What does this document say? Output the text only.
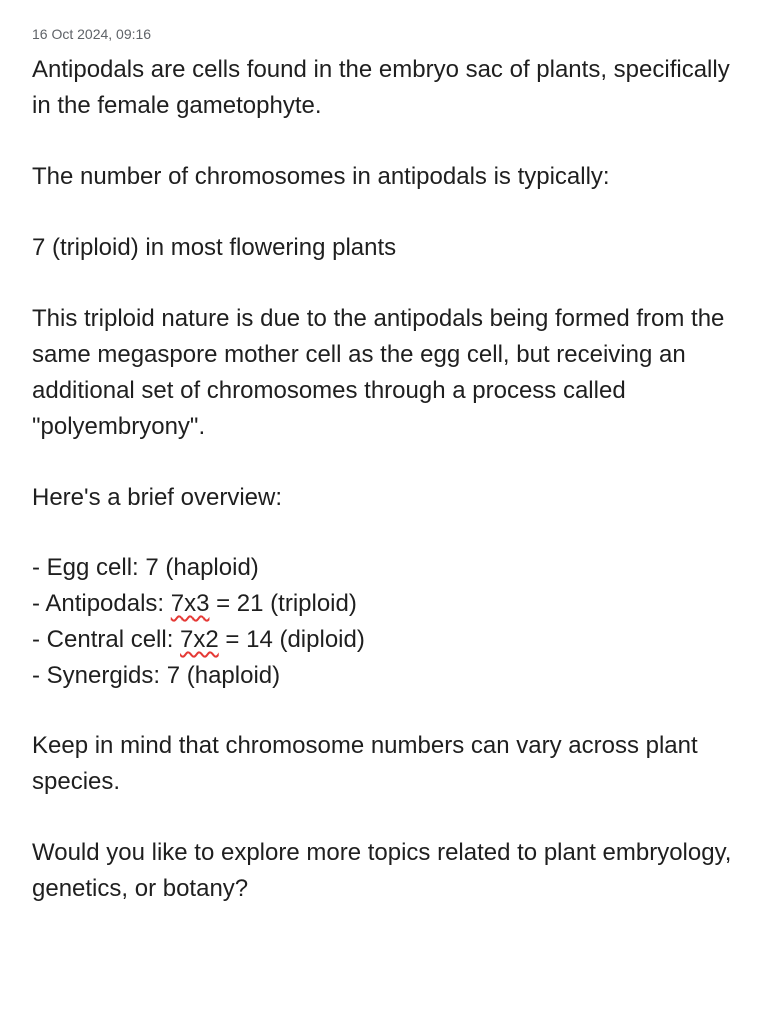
16 Oct 2024, 09:16

Antipodals are cells found in the embryo sac of plants, specifically in the female gametophyte.

The number of chromosomes in antipodals is typically:

7 (triploid) in most flowering plants

This triploid nature is due to the antipodals being formed from the same megaspore mother cell as the egg cell, but receiving an additional set of chromosomes through a process called "polyembryony".

Here's a brief overview:

- Egg cell: 7 (haploid)
- Antipodals: 7x3 = 21 (triploid)
- Central cell: 7x2 = 14 (diploid)
- Synergids: 7 (haploid)

Keep in mind that chromosome numbers can vary across plant species.

Would you like to explore more topics related to plant embryology, genetics, or botany?
